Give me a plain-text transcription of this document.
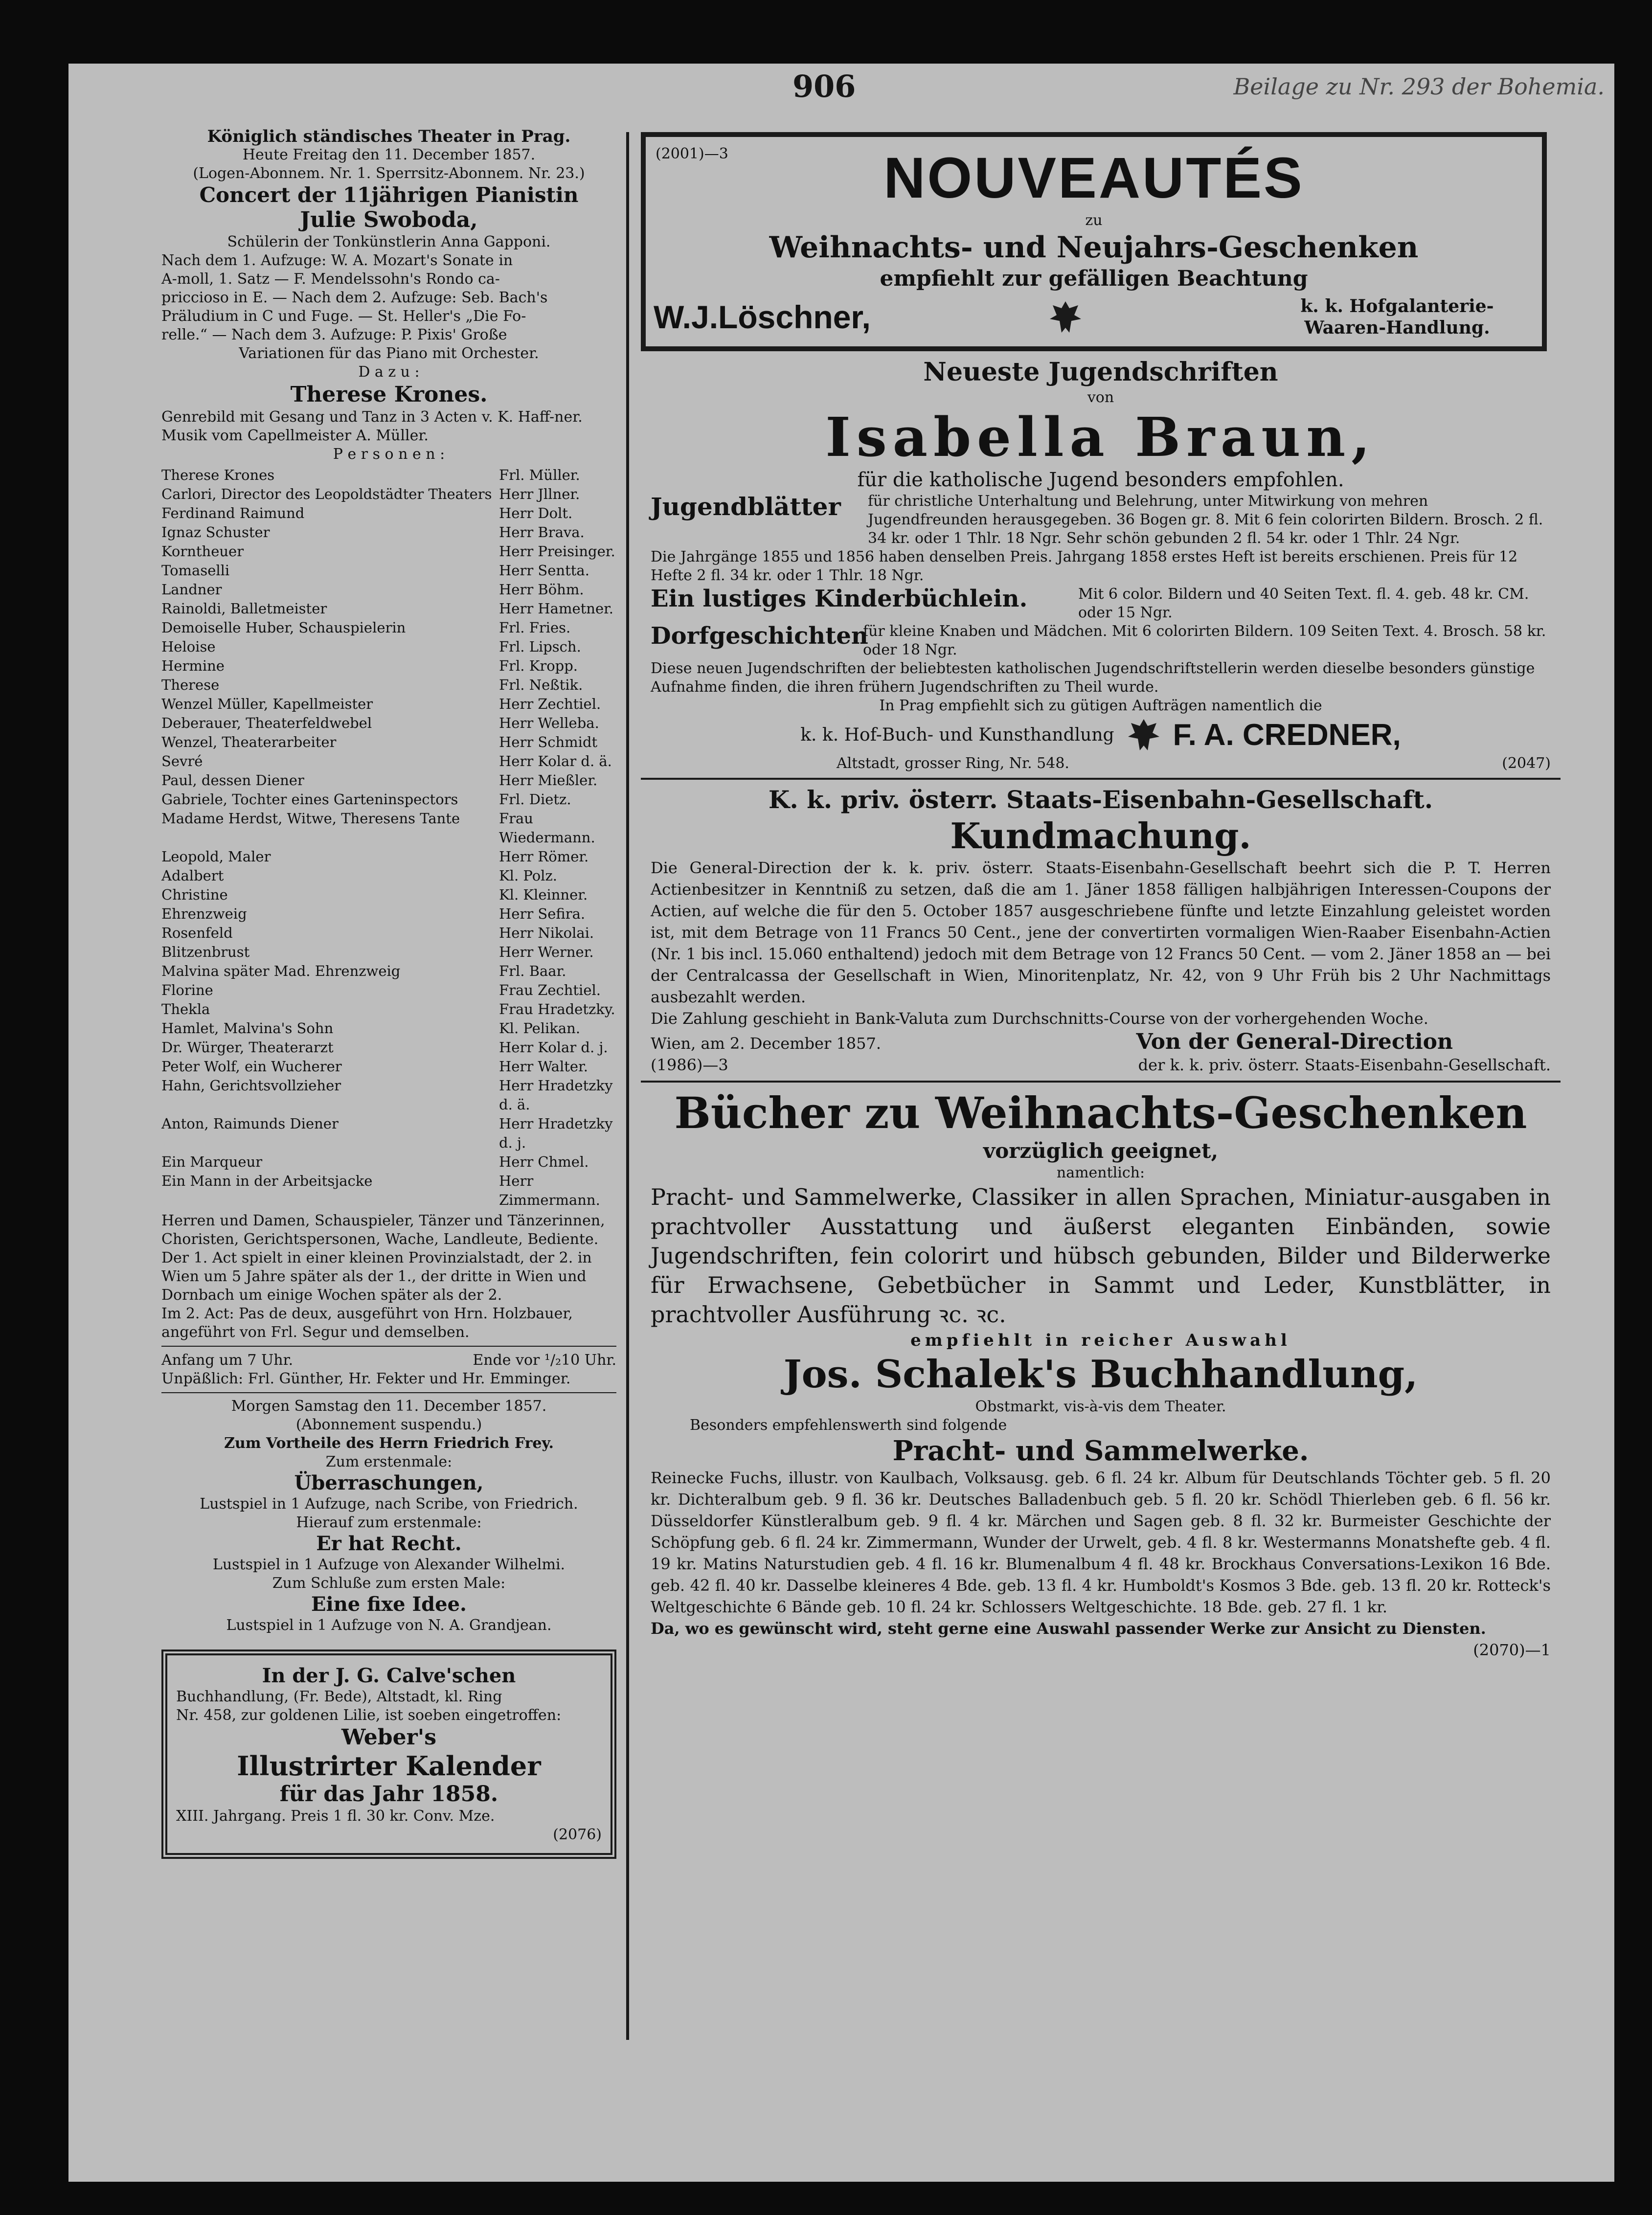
906	Beilage zu Nr. 293 der Bohemia.
Königlich ständisches Theater in Prag.
Heute Freitag den 11. December 1857.
(Logen-Abonnem. Nr. 1. Sperrsitz-Abonnem. Nr. 23.)
Concert der 11jährigen Pianistin
Julie Swoboda,
Schülerin der Tonkünstlerin Anna Gapponi.
Nach dem 1. Aufzuge: W. A. Mozart's Sonate in
A-moll, 1. Satz — F. Mendelssohn's Rondo ca-
priccioso in E. — Nach dem 2. Aufzuge: Seb. Bach's
Präludium in C und Fuge. — St. Heller's „Die Fo-
relle.“ — Nach dem 3. Aufzuge: P. Pixis' Große
Variationen für das Piano mit Orchester.
D a z u :
Therese Krones.
Genrebild mit Gesang und Tanz in 3 Acten v. K. Haff-ner. Musik vom Capellmeister A. Müller.
P e r s o n e n :
Therese Krones	Frl. Müller.
Carlori, Director des Leopoldstädter Theaters Herr Jllner.
Ferdinand Raimund	Herr Dolt.
Ignaz Schuster	Herr Brava.
Korntheuer	Herr Preisinger.
Tomaselli	Herr Sentta.
Landner	Herr Böhm.
Rainoldi, Balletmeister	Herr Hametner.
Demoiselle Huber, Schauspielerin	Frl. Fries.
Heloise	Frl. Lipsch.
Hermine	Frl. Kropp.
Therese	Frl. Neßtik.
Wenzel Müller, Kapellmeister	Herr Zechtiel.
Deberauer, Theaterfeldwebel	Herr Welleba.
Wenzel, Theaterarbeiter	Herr Schmidt
Sevré	Herr Kolar d. ä.
Paul, dessen Diener	Herr Mießler.
Gabriele, Tochter eines Garteninspectors	Frl. Dietz.
Madame Herdst, Witwe, Theresens Tante	Frau Wiedermann.
Leopold, Maler	Herr Römer.
Adalbert	Kl. Polz.
Christine	Kl. Kleinner.
Ehrenzweig	Herr Sefira.
Rosenfeld	Herr Nikolai.
Blitzenbrust	Herr Werner.
Malvina später Mad. Ehrenzweig	Frl. Baar.
Florine	Frau Zechtiel.
Thekla	Frau Hradetzky.
Hamlet, Malvina's Sohn	Kl. Pelikan.
Dr. Würger, Theaterarzt	Herr Kolar d. j.
Peter Wolf, ein Wucherer	Herr Walter.
Hahn, Gerichtsvollzieher	Herr Hradetzky d. ä.
Anton, Raimunds Diener	Herr Hradetzky d. j.
Ein Marqueur	Herr Chmel.
Ein Mann in der Arbeitsjacke	Herr Zimmermann.
Herren und Damen, Schauspieler, Tänzer und Tänzerinnen, Choristen, Gerichtspersonen, Wache, Landleute, Bediente.
Der 1. Act spielt in einer kleinen Provinzialstadt, der 2. in Wien um 5 Jahre später als der 1., der dritte in Wien und Dornbach um einige Wochen später als der 2.
Im 2. Act: Pas de deux, ausgeführt von Hrn. Holzbauer, angeführt von Frl. Segur und demselben.
Anfang um 7 Uhr.	Ende vor ¹/₂10 Uhr.
Unpäßlich: Frl. Günther, Hr. Fekter und Hr. Emminger.
Morgen Samstag den 11. December 1857.
(Abonnement suspendu.)
Zum Vortheile des Herrn Friedrich Frey.
Zum erstenmale:
Überraschungen,
Lustspiel in 1 Aufzuge, nach Scribe, von Friedrich.
Hierauf zum erstenmale:
Er hat Recht.
Lustspiel in 1 Aufzuge von Alexander Wilhelmi.
Zum Schluße zum ersten Male:
Eine fixe Idee.
Lustspiel in 1 Aufzuge von N. A. Grandjean.
In der J. G. Calve'schen
Buchhandlung, (Fr. Bede), Altstadt, kl. Ring
Nr. 458, zur goldenen Lilie, ist soeben eingetroffen:
Weber's
Illustrirter Kalender
für das Jahr 1858.
XIII. Jahrgang. Preis 1 fl. 30 kr. Conv. Mze.
(2076)
(2001)—3	NOUVEAUTÉS
zu
Weihnachts- und Neujahrs-Geschenken
empfiehlt zur gefälligen Beachtung
W.J.Löschner,	k. k. Hofgalanterie-Waaren-Handlung.
Neueste Jugendschriften
von
Isabella Braun,
für die katholische Jugend besonders empfohlen.
Jugendblätter	für christliche Unterhaltung und Belehrung, unter Mitwirkung von mehren Jugendfreunden herausgegeben. 36 Bogen gr. 8. Mit 6 fein colorirten Bildern. Brosch. 2 fl. 34 kr. oder 1 Thlr. 18 Ngr. Sehr schön gebunden 2 fl. 54 kr. oder 1 Thlr. 24 Ngr.
Die Jahrgänge 1855 und 1856 haben denselben Preis. Jahrgang 1858 erstes Heft ist bereits erschienen. Preis für 12 Hefte 2 fl. 34 kr. oder 1 Thlr. 18 Ngr.
Ein lustiges Kinderbüchlein.	Mit 6 color. Bildern und 40 Seiten Text. fl. 4. geb. 48 kr. CM. oder 15 Ngr.
Dorfgeschichten
für kleine Knaben und Mädchen. Mit 6 colorirten Bildern. 109 Seiten Text. 4. Brosch. 58 kr. oder 18 Ngr.
Diese neuen Jugendschriften der beliebtesten katholischen Jugendschriftstellerin werden dieselbe besonders günstige Aufnahme finden, die ihren frühern Jugendschriften zu Theil wurde.
In Prag empfiehlt sich zu gütigen Aufträgen namentlich die
k. k. Hof-Buch- und Kunsthandlung F. A. CREDNER,
Altstadt, grosser Ring, Nr. 548.	(2047)
K. k. priv. österr. Staats-Eisenbahn-Gesellschaft.
Kundmachung.
Die General-Direction der k. k. priv. österr. Staats-Eisenbahn-Gesellschaft beehrt sich die P. T. Herren Actienbesitzer in Kenntniß zu setzen, daß die am 1. Jäner 1858 fälligen halbjährigen Interessen-Coupons der Actien, auf welche die für den 5. October 1857 ausgeschriebene fünfte und letzte Einzahlung geleistet worden ist, mit dem Betrage von 11 Francs 50 Cent., jene der convertirten vormaligen Wien-Raaber Eisenbahn-Actien (Nr. 1 bis incl. 15.060 enthaltend) jedoch mit dem Betrage von 12 Francs 50 Cent. — vom 2. Jäner 1858 an — bei der Centralcassa der Gesellschaft in Wien, Minoritenplatz, Nr. 42, von 9 Uhr Früh bis 2 Uhr Nachmittags ausbezahlt werden.
Die Zahlung geschieht in Bank-Valuta zum Durchschnitts-Course von der vorhergehenden Woche.
Wien, am 2. December 1857.	Von der General-Direction
(1986)—3	der k. k. priv. österr. Staats-Eisenbahn-Gesellschaft.
Bücher zu Weihnachts-Geschenken
vorzüglich geeignet,
namentlich:
Pracht- und Sammelwerke, Classiker in allen Sprachen, Miniatur-ausgaben in prachtvoller Ausstattung und äußerst eleganten Einbänden, sowie Jugendschriften, fein colorirt und hübsch gebunden, Bilder und Bilderwerke für Erwachsene, Gebetbücher in Sammt und Leder, Kunstblätter, in prachtvoller Ausführung ꝛc. ꝛc.
empfiehlt in reicher Auswahl
Jos. Schalek's Buchhandlung,
Obstmarkt, vis-à-vis dem Theater.
Besonders empfehlenswerth sind folgende
Pracht- und Sammelwerke.
Reinecke Fuchs, illustr. von Kaulbach, Volksausg. geb. 6 fl. 24 kr. Album für Deutschlands Töchter geb. 5 fl. 20 kr. Dichteralbum geb. 9 fl. 36 kr. Deutsches Balladenbuch geb. 5 fl. 20 kr. Schödl Thierleben geb. 6 fl. 56 kr. Düsseldorfer Künstleralbum geb. 9 fl. 4 kr. Märchen und Sagen geb. 8 fl. 32 kr. Burmeister Geschichte der Schöpfung geb. 6 fl. 24 kr. Zimmermann, Wunder der Urwelt, geb. 4 fl. 8 kr. Westermanns Monatshefte geb. 4 fl. 19 kr. Matins Naturstudien geb. 4 fl. 16 kr. Blumenalbum 4 fl. 48 kr. Brockhaus Conversations-Lexikon 16 Bde. geb. 42 fl. 40 kr. Dasselbe kleineres 4 Bde. geb. 13 fl. 4 kr. Humboldt's Kosmos 3 Bde. geb. 13 fl. 20 kr. Rotteck's Weltgeschichte 6 Bände geb. 10 fl. 24 kr. Schlossers Weltgeschichte. 18 Bde. geb. 27 fl. 1 kr.
Da, wo es gewünscht wird, steht gerne eine Auswahl passender Werke zur Ansicht zu Diensten.
(2070)—1
